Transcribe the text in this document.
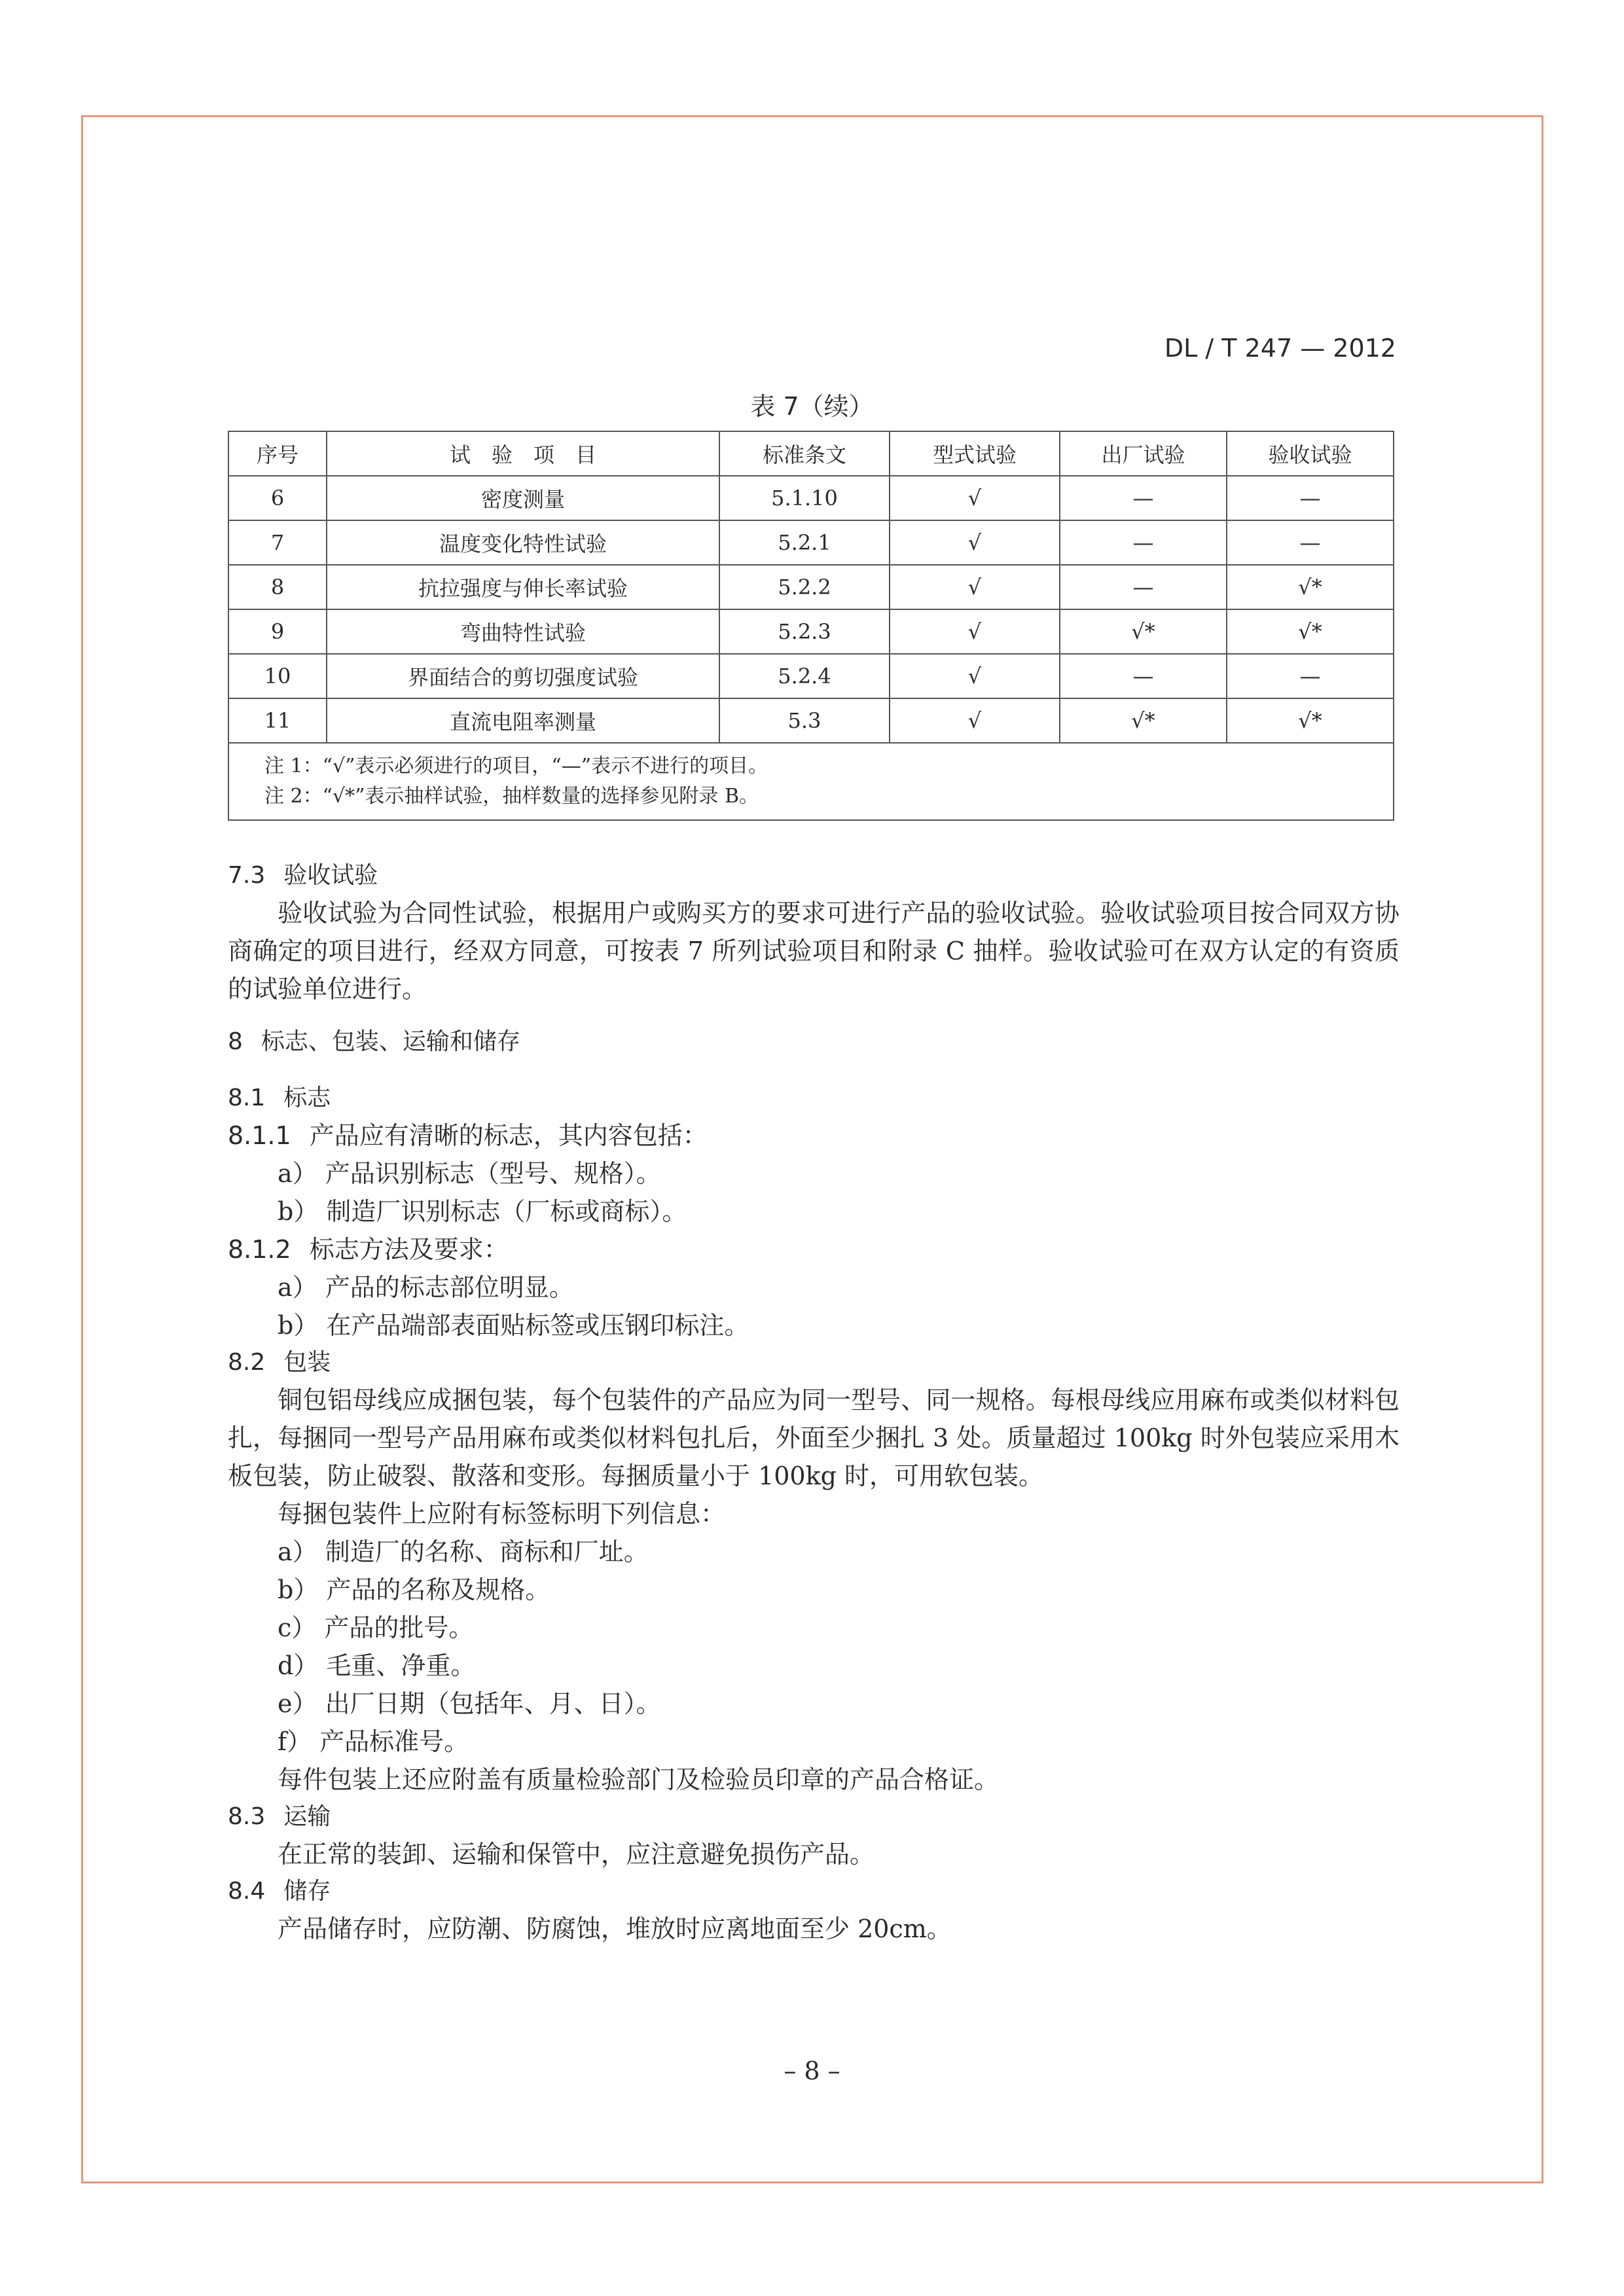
DL / T 247 — 2012
表 7（续）
序号	试　验　项　目	标准条文	型式试验	出厂试验	验收试验
6	密度测量	5.1.10	√	—	—
7	温度变化特性试验	5.2.1	√	—	—
8	抗拉强度与伸长率试验	5.2.2	√	—	√*
9	弯曲特性试验	5.2.3	√	√*	√*
10	界面结合的剪切强度试验	5.2.4	√	—	—
11	直流电阻率测量	5.3	√	√*	√*

注 1：“√”表示必须进行的项目，“—”表示不进行的项目。
注 2：“√*”表示抽样试验，抽样数量的选择参见附录 B。					
7.3 验收试验

验收试验为合同性试验，根据用户或购买方的要求可进行产品的验收试验。验收试验项目按合同双方协商确定的项目进行，经双方同意，可按表 7 所列试验项目和附录 C 抽样。验收试验可在双方认定的有资质的试验单位进行。

8 标志、包装、运输和储存
8.1 标志
8.1.1 产品应有清晰的标志，其内容包括：
a） 产品识别标志（型号、规格）。
b） 制造厂识别标志（厂标或商标）。
8.1.2 标志方法及要求：
a） 产品的标志部位明显。
b） 在产品端部表面贴标签或压钢印标注。
8.2 包装

铜包铝母线应成捆包装，每个包装件的产品应为同一型号、同一规格。每根母线应用麻布或类似材料包扎，每捆同一型号产品用麻布或类似材料包扎后，外面至少捆扎 3 处。质量超过 100kg 时外包装应采用木板包装，防止破裂、散落和变形。每捆质量小于 100kg 时，可用软包装。

每捆包装件上应附有标签标明下列信息：
a） 制造厂的名称、商标和厂址。
b） 产品的名称及规格。
c） 产品的批号。
d） 毛重、净重。
e） 出厂日期（包括年、月、日）。
f） 产品标准号。
每件包装上还应附盖有质量检验部门及检验员印章的产品合格证。
8.3 运输
在正常的装卸、运输和保管中，应注意避免损伤产品。
8.4 储存
产品储存时，应防潮、防腐蚀，堆放时应离地面至少 20cm。
– 8 –
